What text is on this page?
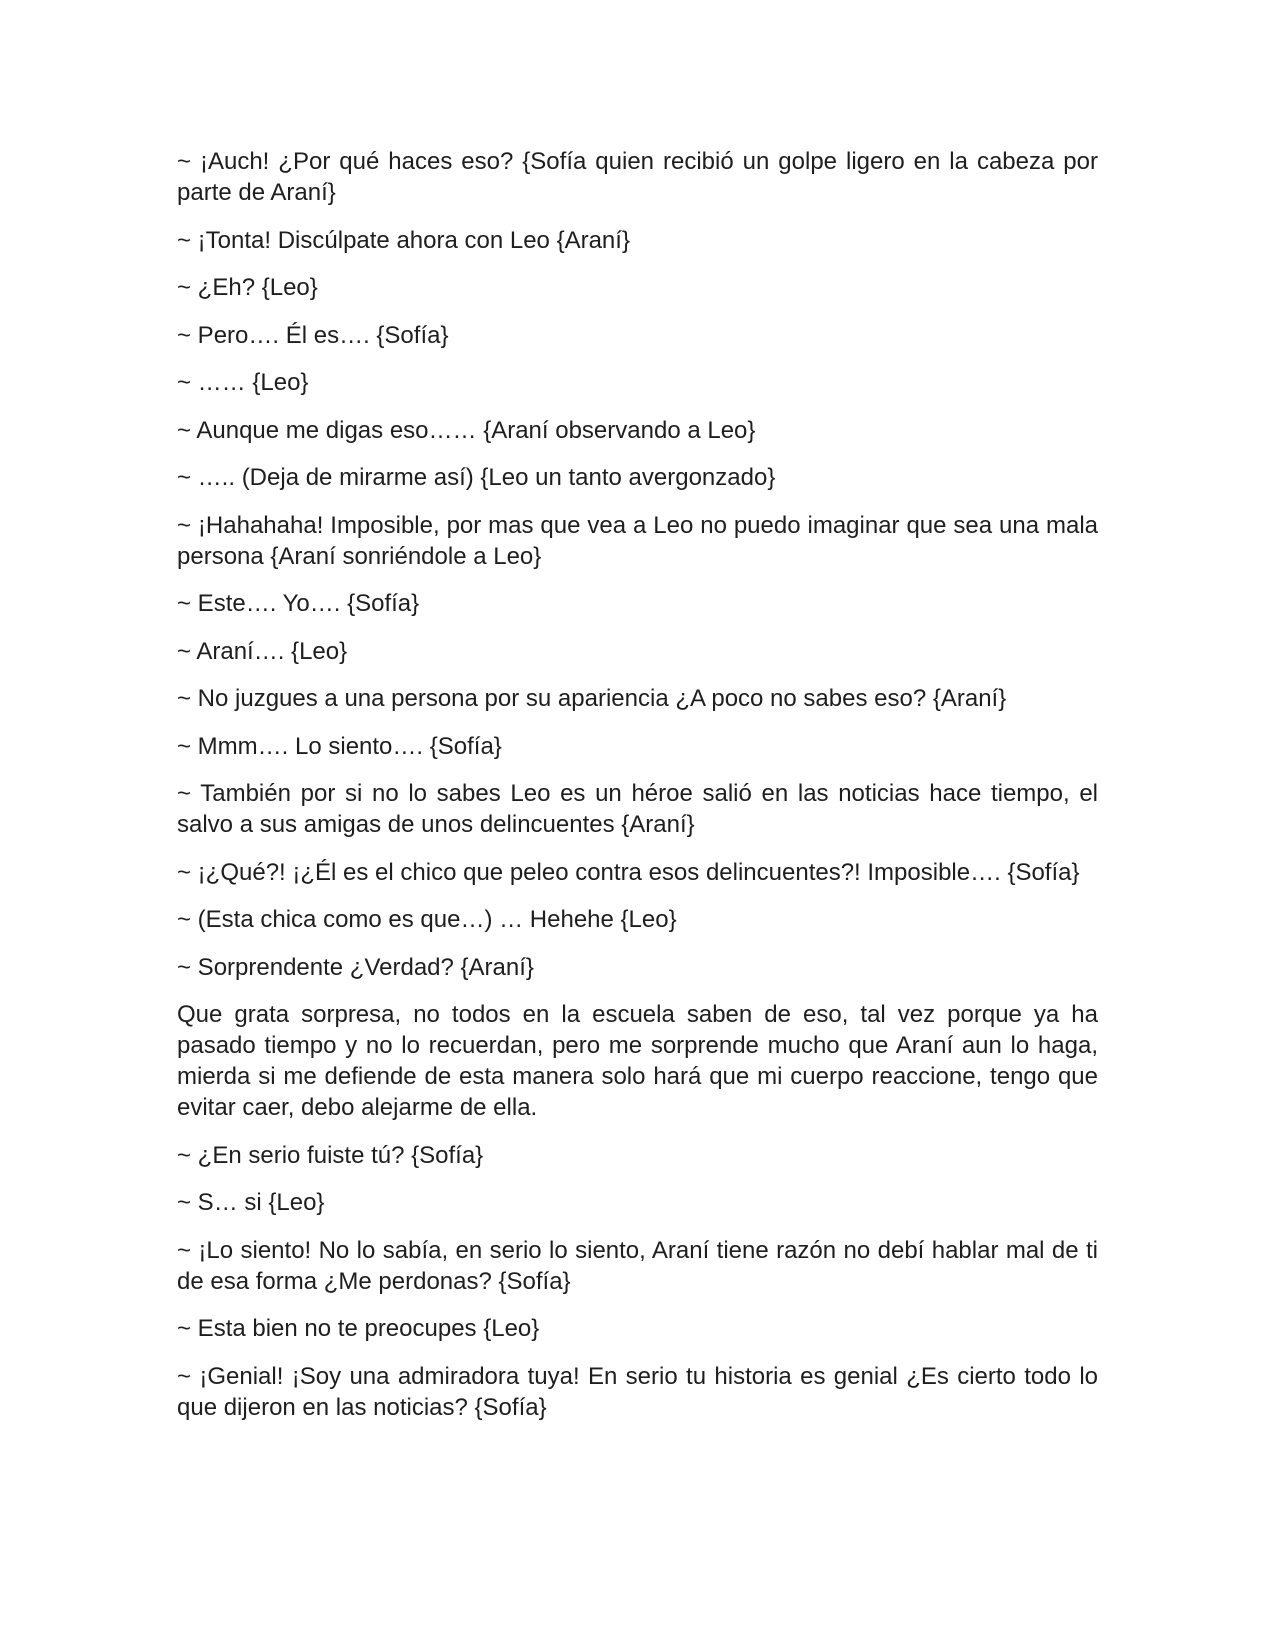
~ ¡Auch! ¿Por qué haces eso? {Sofía quien recibió un golpe ligero en la cabeza por parte de Araní}

~ ¡Tonta! Discúlpate ahora con Leo {Araní}

~ ¿Eh? {Leo}

~ Pero…. Él es…. {Sofía}

~ …… {Leo}

~ Aunque me digas eso…… {Araní observando a Leo}

~ ….. (Deja de mirarme así) {Leo un tanto avergonzado}

~ ¡Hahahaha! Imposible, por mas que vea a Leo no puedo imaginar que sea una mala persona {Araní sonriéndole a Leo}

~ Este…. Yo…. {Sofía}

~ Araní…. {Leo}

~ No juzgues a una persona por su apariencia ¿A poco no sabes eso? {Araní}

~ Mmm…. Lo siento…. {Sofía}

~ También por si no lo sabes Leo es un héroe salió en las noticias hace tiempo, el salvo a sus amigas de unos delincuentes {Araní}

~ ¡¿Qué?! ¡¿Él es el chico que peleo contra esos delincuentes?! Imposible…. {Sofía}

~ (Esta chica como es que…) … Hehehe {Leo}

~ Sorprendente ¿Verdad? {Araní}

Que grata sorpresa, no todos en la escuela saben de eso, tal vez porque ya ha pasado tiempo y no lo recuerdan, pero me sorprende mucho que Araní aun lo haga, mierda si me defiende de esta manera solo hará que mi cuerpo reaccione, tengo que evitar caer, debo alejarme de ella.

~ ¿En serio fuiste tú? {Sofía}

~ S… si {Leo}

~ ¡Lo siento! No lo sabía, en serio lo siento, Araní tiene razón no debí hablar mal de ti de esa forma ¿Me perdonas? {Sofía}

~ Esta bien no te preocupes {Leo}

~ ¡Genial! ¡Soy una admiradora tuya! En serio tu historia es genial ¿Es cierto todo lo que dijeron en las noticias? {Sofía}
